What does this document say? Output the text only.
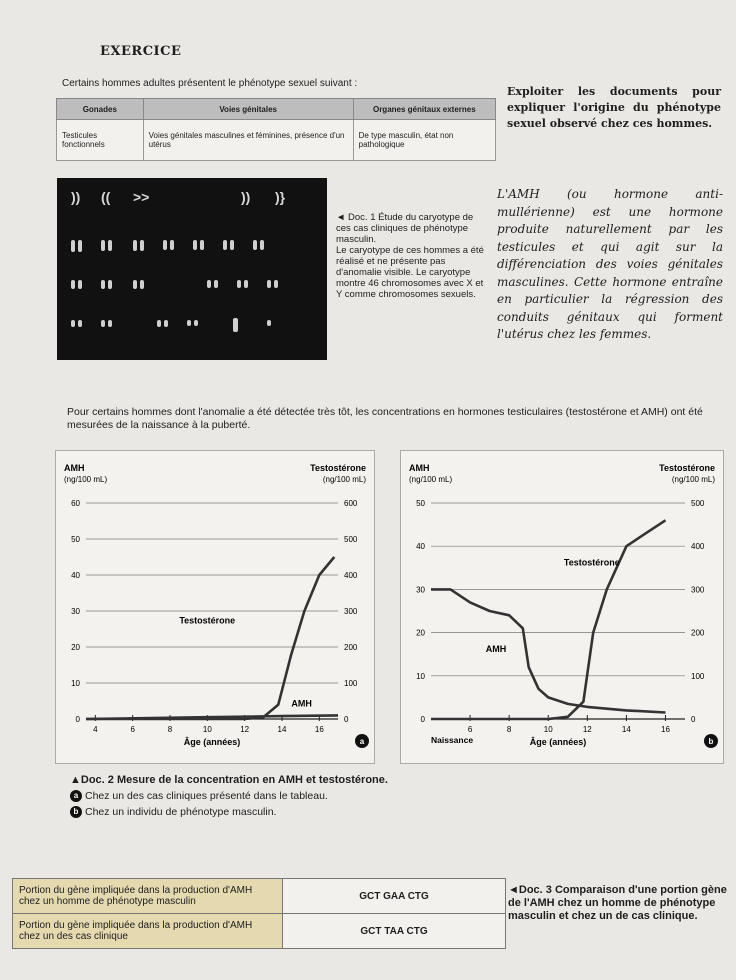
EXERCICE
Certains hommes adultes présentent le phénotype sexuel suivant :
Gonades	Voies génitales	Organes génitaux externes
Testicules fonctionnels	Voies génitales masculines et féminines, présence d'un utérus	De type masculin, état non pathologique
Exploiter les documents pour expliquer l'origine du phénotype sexuel observé chez ces hommes.
)) (( >>	)) )}
◄ Doc. 1 Étude du caryotype de ces cas cliniques de phénotype masculin.
Le caryotype de ces hommes a été réalisé et ne présente pas d'anomalie visible. Le caryotype montre 46 chromosomes avec X et Y comme chromosomes sexuels.
L'AMH (ou hormone anti-mullérienne) est une hormone produite naturellement par les testicules et qui agit sur la différenciation des voies génitales masculines. Cette hormone entraîne en particulier la régression des conduits génitaux qui forment l'utérus chez les femmes.
Pour certains hommes dont l'anomalie a été détectée très tôt, les concentrations en hormones testiculaires (testostérone et AMH) ont été mesurées de la naissance à la puberté.
AMH
(ng/100 mL)
Testostérone
(ng/100 mL)
0	0
10	100
20	200
30	300
40	400
50	500
60	600
4	6	8	10	12	14	16
Âge (années)	a
Testostérone
AMH
AMH
(ng/100 mL)
Testostérone
(ng/100 mL)
0	0
10	100
20	200
30	300
40	400
50	500
6	8	10	12	14	16
Naissance	Âge (années)	b
Testostérone
AMH
▲Doc. 2 Mesure de la concentration en AMH et testostérone.
a Chez un des cas cliniques présenté dans le tableau.
b Chez un individu de phénotype masculin.
Portion du gène impliquée dans la production d'AMH chez un homme de phénotype masculin	GCT GAA CTG
Portion du gène impliquée dans la production d'AMH chez un des cas clinique	GCT TAA CTG
◄Doc. 3 Comparaison d'une portion gène de l'AMH chez un homme de phénotype masculin et chez un de cas clinique.
